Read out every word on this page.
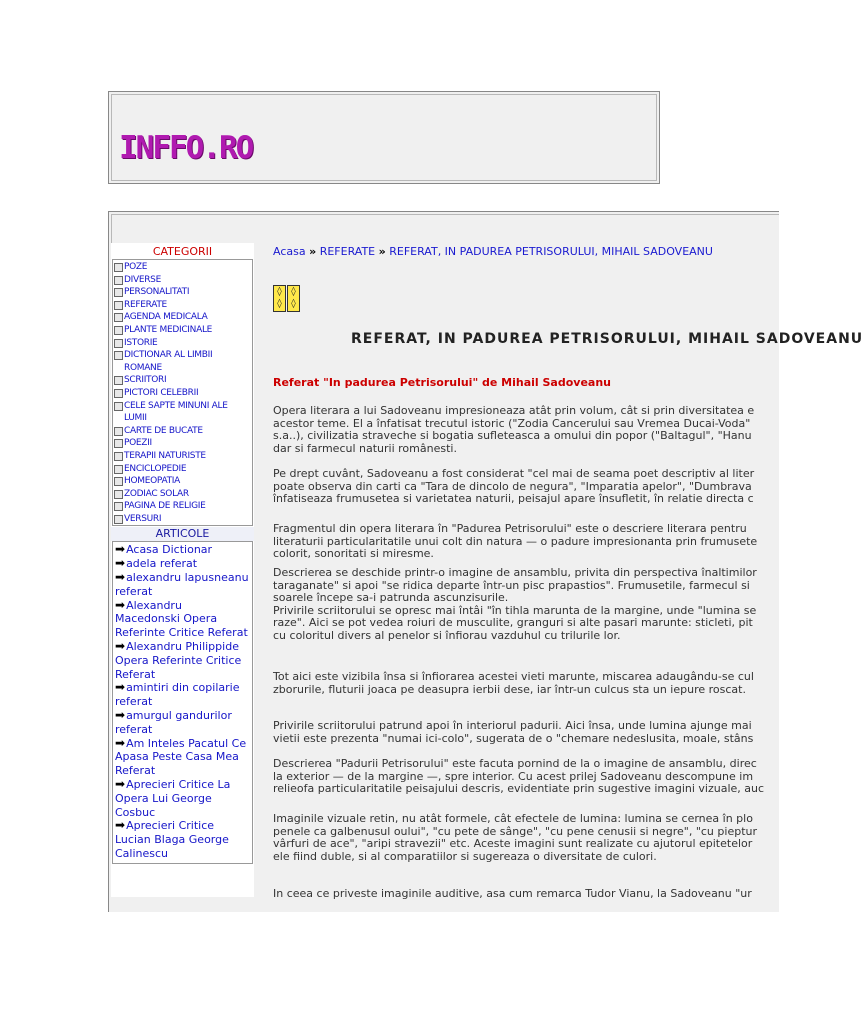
INFFO.RO
CATEGORII
POZE
DIVERSE
PERSONALITATI
REFERATE
AGENDA MEDICALA
PLANTE MEDICINALE
ISTORIE
DICTIONAR AL LIMBII ROMANE
SCRIITORI
PICTORI CELEBRII
CELE SAPTE MINUNI ALE LUMII
CARTE DE BUCATE
POEZII
TERAPII NATURISTE
ENCICLOPEDIE
HOMEOPATIA
ZODIAC SOLAR
PAGINA DE RELIGIE
VERSURI
ARTICOLE
➡Acasa Dictionar
➡adela referat
➡alexandru lapusneanu referat
➡Alexandru Macedonski Opera Referinte Critice Referat
➡Alexandru Philippide Opera Referinte Critice Referat
➡amintiri din copilarie referat
➡amurgul gandurilor referat
➡Am Inteles Pacatul Ce Apasa Peste Casa Mea Referat
➡Aprecieri Critice La Opera Lui George Cosbuc
➡Aprecieri Critice Lucian Blaga George Calinescu
Acasa » REFERATE » REFERAT, IN PADUREA PETRISORULUI, MIHAIL SADOVEANU
◊
◊
◊
◊
REFERAT, IN PADUREA PETRISORULUI, MIHAIL SADOVEANU
Referat "In padurea Petrisorului" de Mihail Sadoveanu
Opera literara a lui Sadoveanu impresioneaza atât prin volum, cât si prin diversitatea e
acestor teme. El a înfatisat trecutul istoric ("Zodia Cancerului sau Vremea Ducai-Voda"
s.a..), civilizatia straveche si bogatia sufleteasca a omului din popor ("Baltagul", "Hanu
dar si farmecul naturii românesti.
Pe drept cuvânt, Sadoveanu a fost considerat "cel mai de seama poet descriptiv al liter
poate observa din carti ca "Tara de dincolo de negura", "Imparatia apelor", "Dumbrava
înfatiseaza frumusetea si varietatea naturii, peisajul apare însufletit, în relatie directa c
Fragmentul din opera literara în "Padurea Petrisorului" este o descriere literara pentru
literaturii particularitatile unui colt din natura — o padure impresionanta prin frumusete
colorit, sonoritati si miresme.
Descrierea se deschide printr-o imagine de ansamblu, privita din perspectiva înaltimilor
taraganate" si apoi "se ridica departe într-un pisc prapastios". Frumusetile, farmecul si
soarele începe sa-i patrunda ascunzisurile.
Privirile scriitorului se opresc mai întâi "în tihla marunta de la margine, unde "lumina se
raze". Aici se pot vedea roiuri de musculite, granguri si alte pasari marunte: sticleti, pit
cu coloritul divers al penelor si înfiorau vazduhul cu trilurile lor.
Tot aici este vizibila însa si înfiorarea acestei vieti marunte, miscarea adaugându-se cul
zborurile, fluturii joaca pe deasupra ierbii dese, iar într-un culcus sta un iepure roscat.
Privirile scriitorului patrund apoi în interiorul padurii. Aici însa, unde lumina ajunge mai
vietii este prezenta "numai ici-colo", sugerata de o "chemare nedeslusita, moale, stâns
Descrierea "Padurii Petrisorului" este facuta pornind de la o imagine de ansamblu, direc
la exterior — de la margine —, spre interior. Cu acest prilej Sadoveanu descompune im
relieofa particularitatile peisajului descris, evidentiate prin sugestive imagini vizuale, auc
Imaginile vizuale retin, nu atât formele, cât efectele de lumina: lumina se cernea în plo
penele ca galbenusul oului", "cu pete de sânge", "cu pene cenusii si negre", "cu pieptur
vârfuri de ace", "aripi stravezii" etc. Aceste imagini sunt realizate cu ajutorul epitetelor
ele fiind duble, si al comparatiilor si sugereaza o diversitate de culori.
In ceea ce priveste imaginile auditive, asa cum remarca Tudor Vianu, la Sadoveanu "ur
